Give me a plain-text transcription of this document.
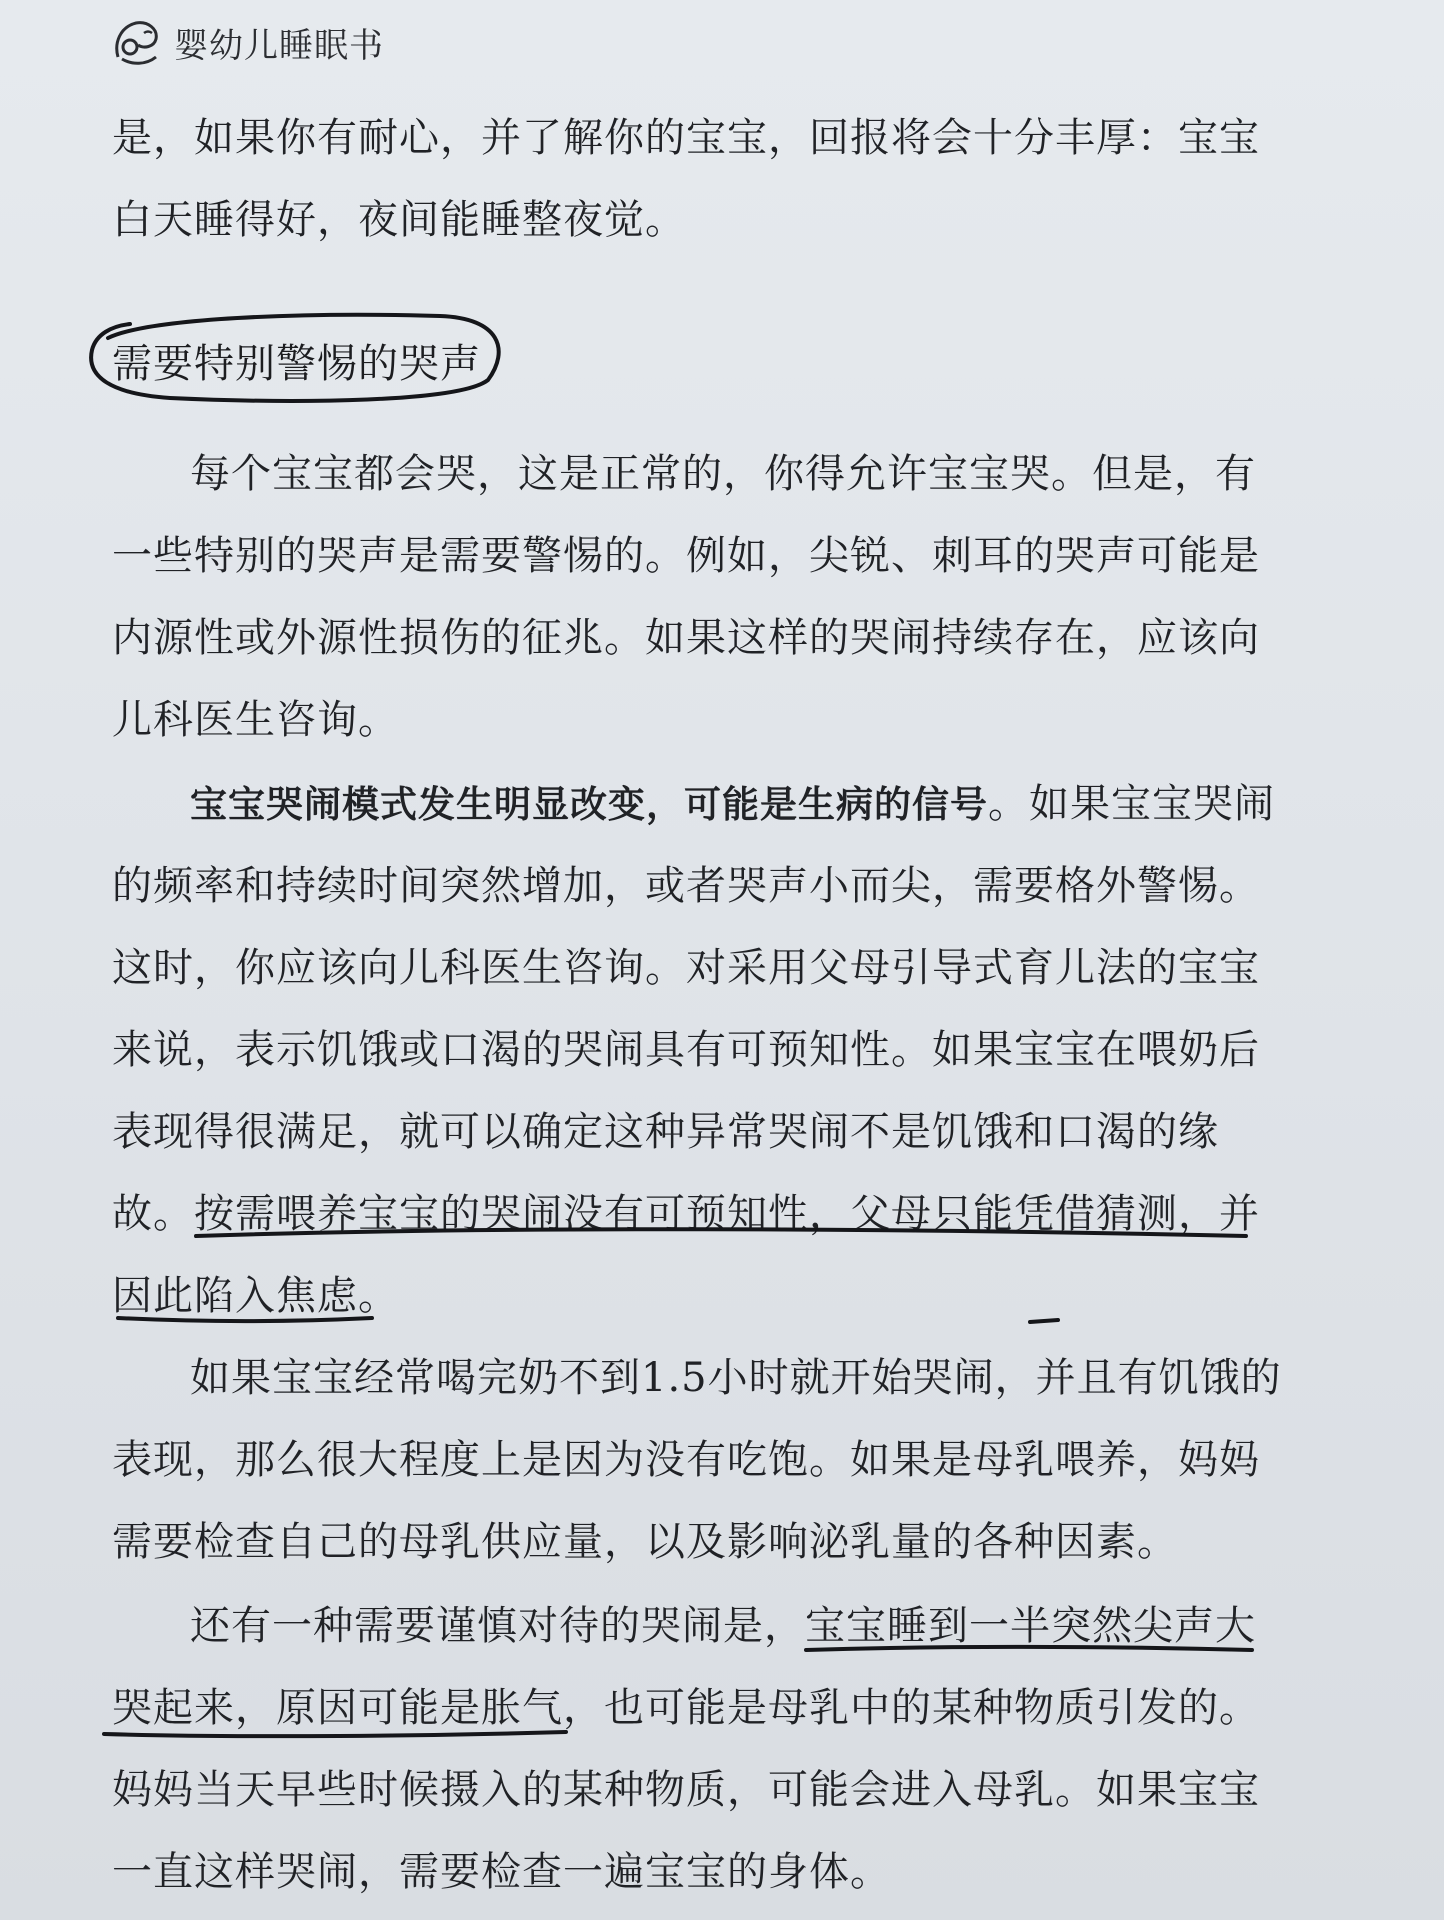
婴幼儿睡眠书
是，如果你有耐心，并了解你的宝宝，回报将会十分丰厚：宝宝
白天睡得好，夜间能睡整夜觉。
需要特别警惕的哭声
每个宝宝都会哭，这是正常的，你得允许宝宝哭。但是，有
一些特别的哭声是需要警惕的。例如，尖锐、刺耳的哭声可能是
内源性或外源性损伤的征兆。如果这样的哭闹持续存在，应该向
儿科医生咨询。
宝宝哭闹模式发生明显改变，可能是生病的信号。如果宝宝哭闹
的频率和持续时间突然增加，或者哭声小而尖，需要格外警惕。
这时，你应该向儿科医生咨询。对采用父母引导式育儿法的宝宝
来说，表示饥饿或口渴的哭闹具有可预知性。如果宝宝在喂奶后
表现得很满足，就可以确定这种异常哭闹不是饥饿和口渴的缘
故。按需喂养宝宝的哭闹没有可预知性，父母只能凭借猜测，并
因此陷入焦虑。
如果宝宝经常喝完奶不到1.5小时就开始哭闹，并且有饥饿的
表现，那么很大程度上是因为没有吃饱。如果是母乳喂养，妈妈
需要检查自己的母乳供应量，以及影响泌乳量的各种因素。
还有一种需要谨慎对待的哭闹是，宝宝睡到一半突然尖声大
哭起来，原因可能是胀气，也可能是母乳中的某种物质引发的。
妈妈当天早些时候摄入的某种物质，可能会进入母乳。如果宝宝
一直这样哭闹，需要检查一遍宝宝的身体。
